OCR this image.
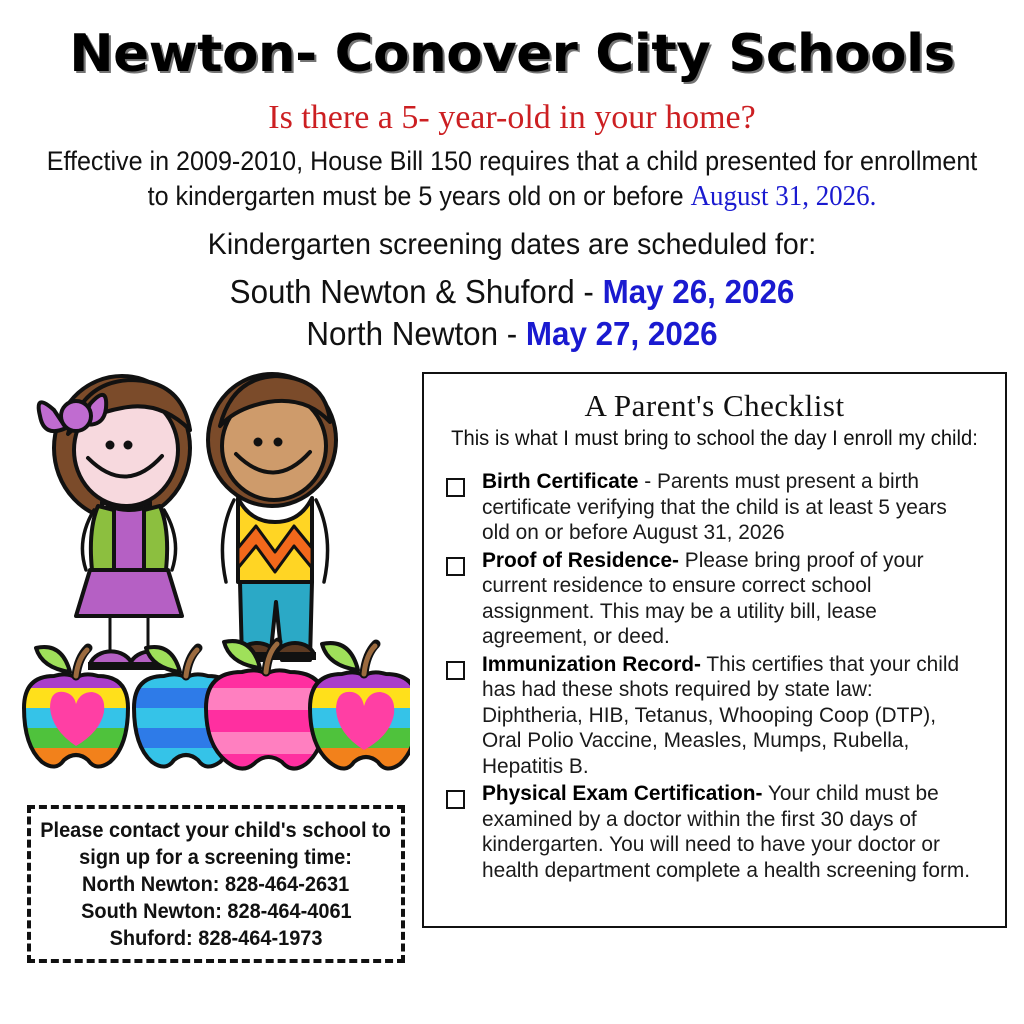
Newton- Conover City Schools
Is there a 5- year-old in your home?
Effective in 2009-2010, House Bill 150 requires that a child presented for enrollment
to kindergarten must be 5 years old on or before August 31, 2026.
Kindergarten screening dates are scheduled for:
South Newton & Shuford - May 26, 2026
North Newton - May 27, 2026
A Parent's Checklist
This is what I must bring to school the day I enroll my child:
Birth Certificate - Parents must present a birth certificate verifying that the child is at least 5 years old on or before August 31, 2026
Proof of Residence- Please bring proof of your current residence to ensure correct school assignment. This may be a utility bill, lease agreement, or deed.
Immunization Record- This certifies that your child has had these shots required by state law: Diphtheria, HIB, Tetanus, Whooping Coop (DTP), Oral Polio Vaccine, Measles, Mumps, Rubella, Hepatitis B.
Physical Exam Certification- Your child must be examined by a doctor within the first 30 days of kindergarten. You will need to have your doctor or health department complete a health screening form.
Please contact your child's school to
sign up for a screening time:
North Newton: 828-464-2631
South Newton: 828-464-4061
Shuford: 828-464-1973
